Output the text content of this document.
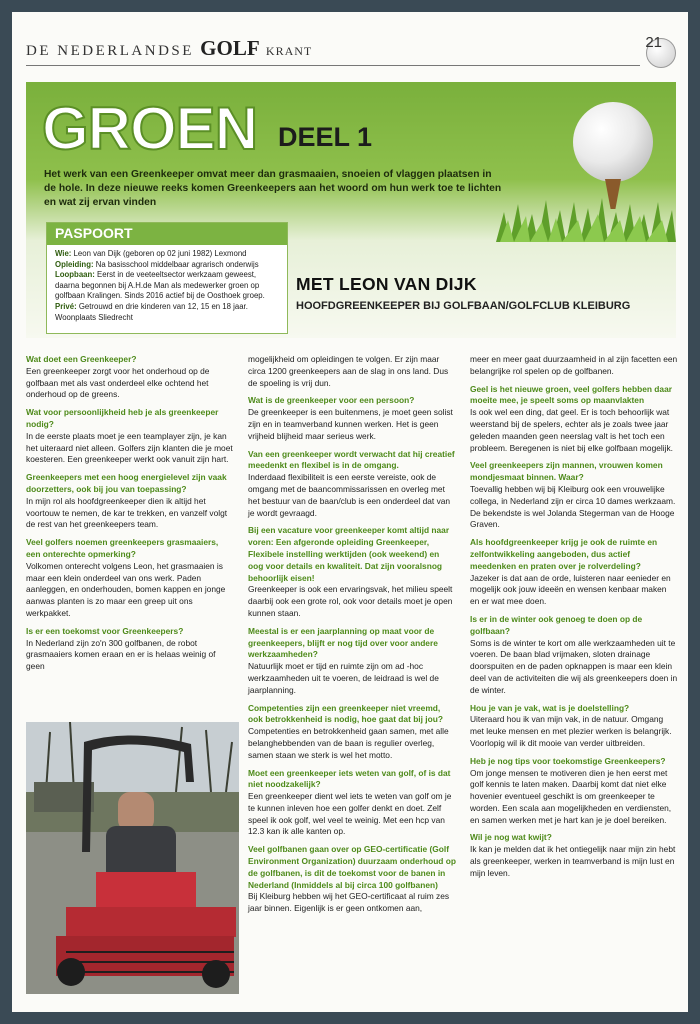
DE NEDERLANDSE GOLF KRANT	21
GROEN DEEL 1
Het werk van een Greenkeeper omvat meer dan grasmaaien, snoeien of vlaggen plaatsen in de hole. In deze nieuwe reeks komen Greenkeepers aan het woord om hun werk toe te lichten en wat zij ervan vinden
PASPOORT
Wie: Leon van Dijk (geboren op 02 juni 1982) Lexmond
Opleiding: Na basisschool middelbaar agrarisch onderwijs
Loopbaan: Eerst in de veeteeltsector werkzaam geweest, daarna begonnen bij A.H.de Man als medewerker groen op golfbaan Kralingen. Sinds 2016 actief bij de Oosthoek groep.
Privé: Getrouwd en drie kinderen van 12, 15 en 18 jaar. Woonplaats Sliedrecht
MET LEON VAN DIJK
HOOFDGREENKEEPER BIJ GOLFBAAN/GOLFCLUB KLEIBURG
Wat doet een Greenkeeper?

Een greenkeeper zorgt voor het onderhoud op de golfbaan met als vast onderdeel elke ochtend het onderhoud op de greens.

Wat voor persoonlijkheid heb je als greenkeeper nodig?

In de eerste plaats moet je een teamplayer zijn, je kan het uiteraard niet alleen. Golfers zijn klanten die je moet koesteren. Een greenkeeper werkt ook vanuit zijn hart.

Greenkeepers met een hoog energielevel zijn vaak doorzetters, ook bij jou van toepassing?

In mijn rol als hoofdgreenkeeper dien ik altijd het voortouw te nemen, de kar te trekken, en vanzelf volgt de rest van het greenkeepers team.

Veel golfers noemen greenkeepers grasmaaiers, een onterechte opmerking?

Volkomen onterecht volgens Leon, het grasmaaien is maar een klein onderdeel van ons werk. Paden aanleggen, en onderhouden, bomen kappen en jonge aanwas planten is zo maar een greep uit ons werkpakket.

Is er een toekomst voor Greenkeepers?

In Nederland zijn zo'n 300 golfbanen, de robot grasmaaiers komen eraan en er is helaas weinig of geen

mogelijkheid om opleidingen te volgen. Er zijn maar circa 1200 greenkeepers aan de slag in ons land. Dus de spoeling is vrij dun.

Wat is de greenkeeper voor een persoon?

De greenkeeper is een buitenmens, je moet geen solist zijn en in teamverband kunnen werken. Het is geen vrijheid blijheid maar serieus werk.

Van een greenkeeper wordt verwacht dat hij creatief meedenkt en flexibel is in de omgang.

Inderdaad flexibiliteit is een eerste vereiste, ook de omgang met de baancommissarissen en overleg met het bestuur van de baan/club is een onderdeel dat van je wordt gevraagd.

Bij een vacature voor greenkeeper komt altijd naar voren: Een afgeronde opleiding Greenkeeper, Flexibele instelling werktijden (ook weekend) en oog voor details en kwaliteit. Dat zijn vooralsnog behoorlijk eisen!

Greenkeeper is ook een ervaringsvak, het milieu speelt daarbij ook een grote rol, ook voor details moet je open kunnen staan.

Meestal is er een jaarplanning op maat voor de greenkeepers, blijft er nog tijd over voor andere werkzaamheden?

Natuurlijk moet er tijd en ruimte zijn om ad -hoc werkzaamheden uit te voeren, de leidraad is wel de jaarplanning.

Competenties zijn een greenkeeper niet vreemd, ook betrokkenheid is nodig, hoe gaat dat bij jou?

Competenties en betrokkenheid gaan samen, met alle belanghebbenden van de baan is regulier overleg, samen staan we sterk is wel het motto.

Moet een greenkeeper iets weten van golf, of is dat niet noodzakelijk?

Een greenkeeper dient wel iets te weten van golf om je te kunnen inleven hoe een golfer denkt en doet. Zelf speel ik ook golf, wel veel te weinig. Met een hcp van 12.3 kan ik alle kanten op.

Veel golfbanen gaan over op GEO-certificatie (Golf Environment Organization) duurzaam onderhoud op de golfbanen, is dit de toekomst voor de banen in Nederland (Inmiddels al bij circa 100 golfbanen)

Bij Kleiburg hebben wij het GEO-certificaat al ruim zes jaar binnen. Eigenlijk is er geen ontkomen aan,

meer en meer gaat duurzaamheid in al zijn facetten een belangrijke rol spelen op de golfbanen.

Geel is het nieuwe groen, veel golfers hebben daar moeite mee, je speelt soms op maanvlakten

Is ook wel een ding, dat geel. Er is toch behoorlijk wat weerstand bij de spelers, echter als je zoals twee jaar geleden maanden geen neerslag valt is het toch een probleem. Beregenen is niet bij elke golfbaan mogelijk.

Veel greenkeepers zijn mannen, vrouwen komen mondjesmaat binnen. Waar?

Toevallig hebben wij bij Kleiburg ook een vrouwelijke collega, in Nederland zijn er circa 10 dames werkzaam. De bekendste is wel Jolanda Stegerman van de Hooge Graven.

Als hoofdgreenkeeper krijg je ook de ruimte en zelfontwikkeling aangeboden, dus actief meedenken en praten over je rolverdeling?

Jazeker is dat aan de orde, luisteren naar eenieder en mogelijk ook jouw ideeën en wensen kenbaar maken en er wat mee doen.

Is er in de winter ook genoeg te doen op de golfbaan?

Soms is de winter te kort om alle werkzaamheden uit te voeren. De baan blad vrijmaken, sloten drainage doorspuiten en de paden opknappen is maar een klein deel van de activiteiten die wij als greenkeepers doen in de winter.

Hou je van je vak, wat is je doelstelling?

Uiteraard hou ik van mijn vak, in de natuur. Omgang met leuke mensen en met plezier werken is belangrijk. Voorlopig wil ik dit mooie van verder uitbreiden.

Heb je nog tips voor toekomstige Greenkeepers?

Om jonge mensen te motiveren dien je hen eerst met golf kennis te laten maken. Daarbij komt dat niet elke hovenier eventueel geschikt is om greenkeeper te worden. Een scala aan mogelijkheden en verdiensten, en samen werken met je hart kan je je doel bereiken.

Wil je nog wat kwijt?

Ik kan je melden dat ik het ontiegelijk naar mijn zin hebt als greenkeeper, werken in teamverband is mijn lust en mijn leven.
